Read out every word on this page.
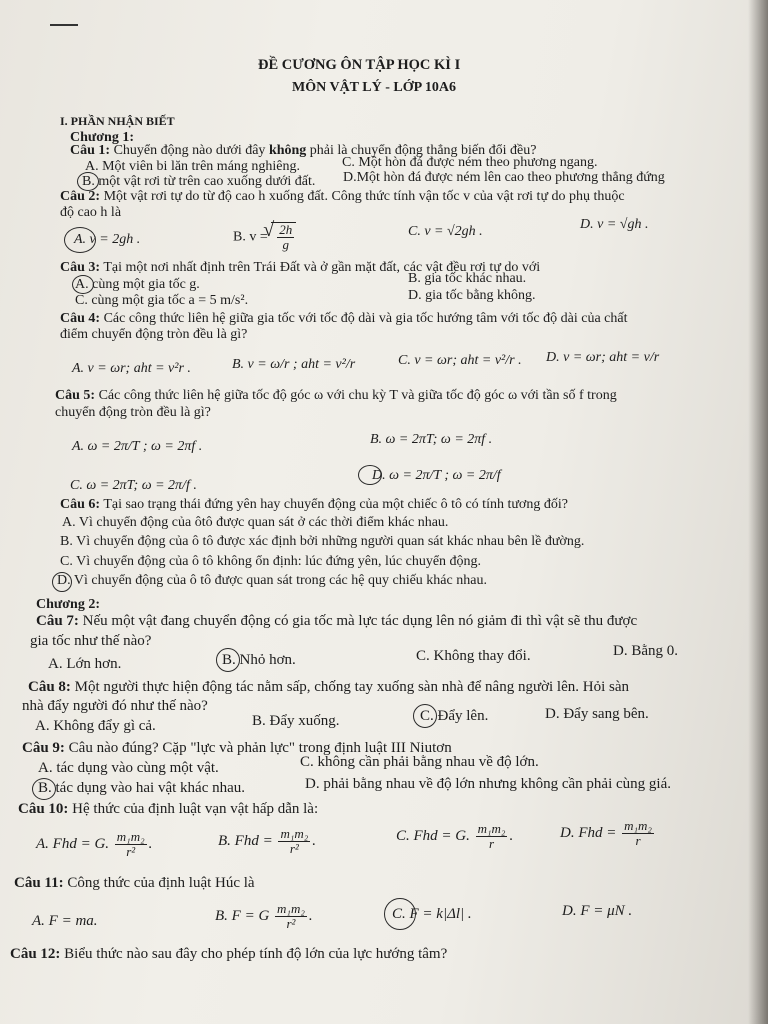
ĐỀ CƯƠNG ÔN TẬP HỌC KÌ I
MÔN VẬT LÝ - LỚP 10A6
I. PHẦN NHẬN BIẾT
Chương 1:
Câu 1: Chuyển động nào dưới đây không phải là chuyển động thẳng biến đổi đều?
A. Một viên bi lăn trên máng nghiêng.	C. Một hòn đá được ném theo phương ngang.
B. một vật rơi từ trên cao xuống dưới đất. D.Một hòn đá được ném lên cao theo phương thẳng đứng
Câu 2: Một vật rơi tự do từ độ cao h xuống đất. Công thức tính vận tốc v của vật rơi tự do phụ thuộc
độ cao h là
A. v = 2gh .	B. v =
√ $\frac{2h}{g}$	C. v = √2gh .	D. v = √gh .
Câu 3: Tại một nơi nhất định trên Trái Đất và ở gần mặt đất, các vật đều rơi tự do với
A. cùng một gia tốc g.	B. gia tốc khác nhau.
C. cùng một gia tốc a = 5 m/s².	D. gia tốc bằng không.
Câu 4: Các công thức liên hệ giữa gia tốc với tốc độ dài và gia tốc hướng tâm với tốc độ dài của chất
điểm chuyển động tròn đều là gì?
A. v = ωr; aht = v²r .	B. v = ω/r ; aht = v²/r	C. v = ωr; aht = v²/r . D. v = ωr; aht = v/r
Câu 5: Các công thức liên hệ giữa tốc độ góc ω với chu kỳ T và giữa tốc độ góc ω với tần số f trong
chuyển động tròn đều là gì?
A. ω = 2π/T ; ω = 2πf .	B. ω = 2πT; ω = 2πf .
C. ω = 2πT; ω = 2π/f .
D. ω = 2π/T ; ω = 2π/f
Câu 6: Tại sao trạng thái đứng yên hay chuyển động của một chiếc ô tô có tính tương đối?
A. Vì chuyển động của ôtô được quan sát ở các thời điểm khác nhau.
B. Vì chuyển động của ô tô được xác định bởi những người quan sát khác nhau bên lề đường.
C. Vì chuyển động của ô tô không ổn định: lúc đứng yên, lúc chuyển động.
D. Vì chuyển động của ô tô được quan sát trong các hệ quy chiếu khác nhau.
Chương 2:
Câu 7: Nếu một vật đang chuyển động có gia tốc mà lực tác dụng lên nó giảm đi thì vật sẽ thu được
gia tốc như thế nào?
A. Lớn hơn.	B. Nhỏ hơn.	C. Không thay đổi.	D. Bằng 0.
Câu 8: Một người thực hiện động tác nằm sấp, chống tay xuống sàn nhà để nâng người lên. Hỏi sàn
nhà đẩy người đó như thế nào?
A. Không đẩy gì cả.	B. Đẩy xuống.	C. Đẩy lên.	D. Đẩy sang bên.
Câu 9: Câu nào đúng? Cặp "lực và phản lực" trong định luật III Niutơn
A. tác dụng vào cùng một vật.	C. không cần phải bằng nhau về độ lớn.
B. tác dụng vào hai vật khác nhau.	D. phải bằng nhau về độ lớn nhưng không cần phải cùng giá.
Câu 10: Hệ thức của định luật vạn vật hấp dẫn là:
A. Fhd = G. $\frac{\text{m₁m₂}}{\text{r²}}$ .	B. Fhd = $\frac{\text{m₁m₂}}{\text{r²}}$ .	C. Fhd = G. $\frac{\text{m₁m₂}}{r}$ .	D. Fhd = $\frac{\text{m₁m₂}}{r}$
Câu 11: Công thức của định luật Húc là
A. F = ma.	B. F = G $\frac{\text{m₁m₂}}{\text{r²}}$ .	C. F = k|Δl| .	D. F = μN .
Câu 12: Biểu thức nào sau đây cho phép tính độ lớn của lực hướng tâm?
